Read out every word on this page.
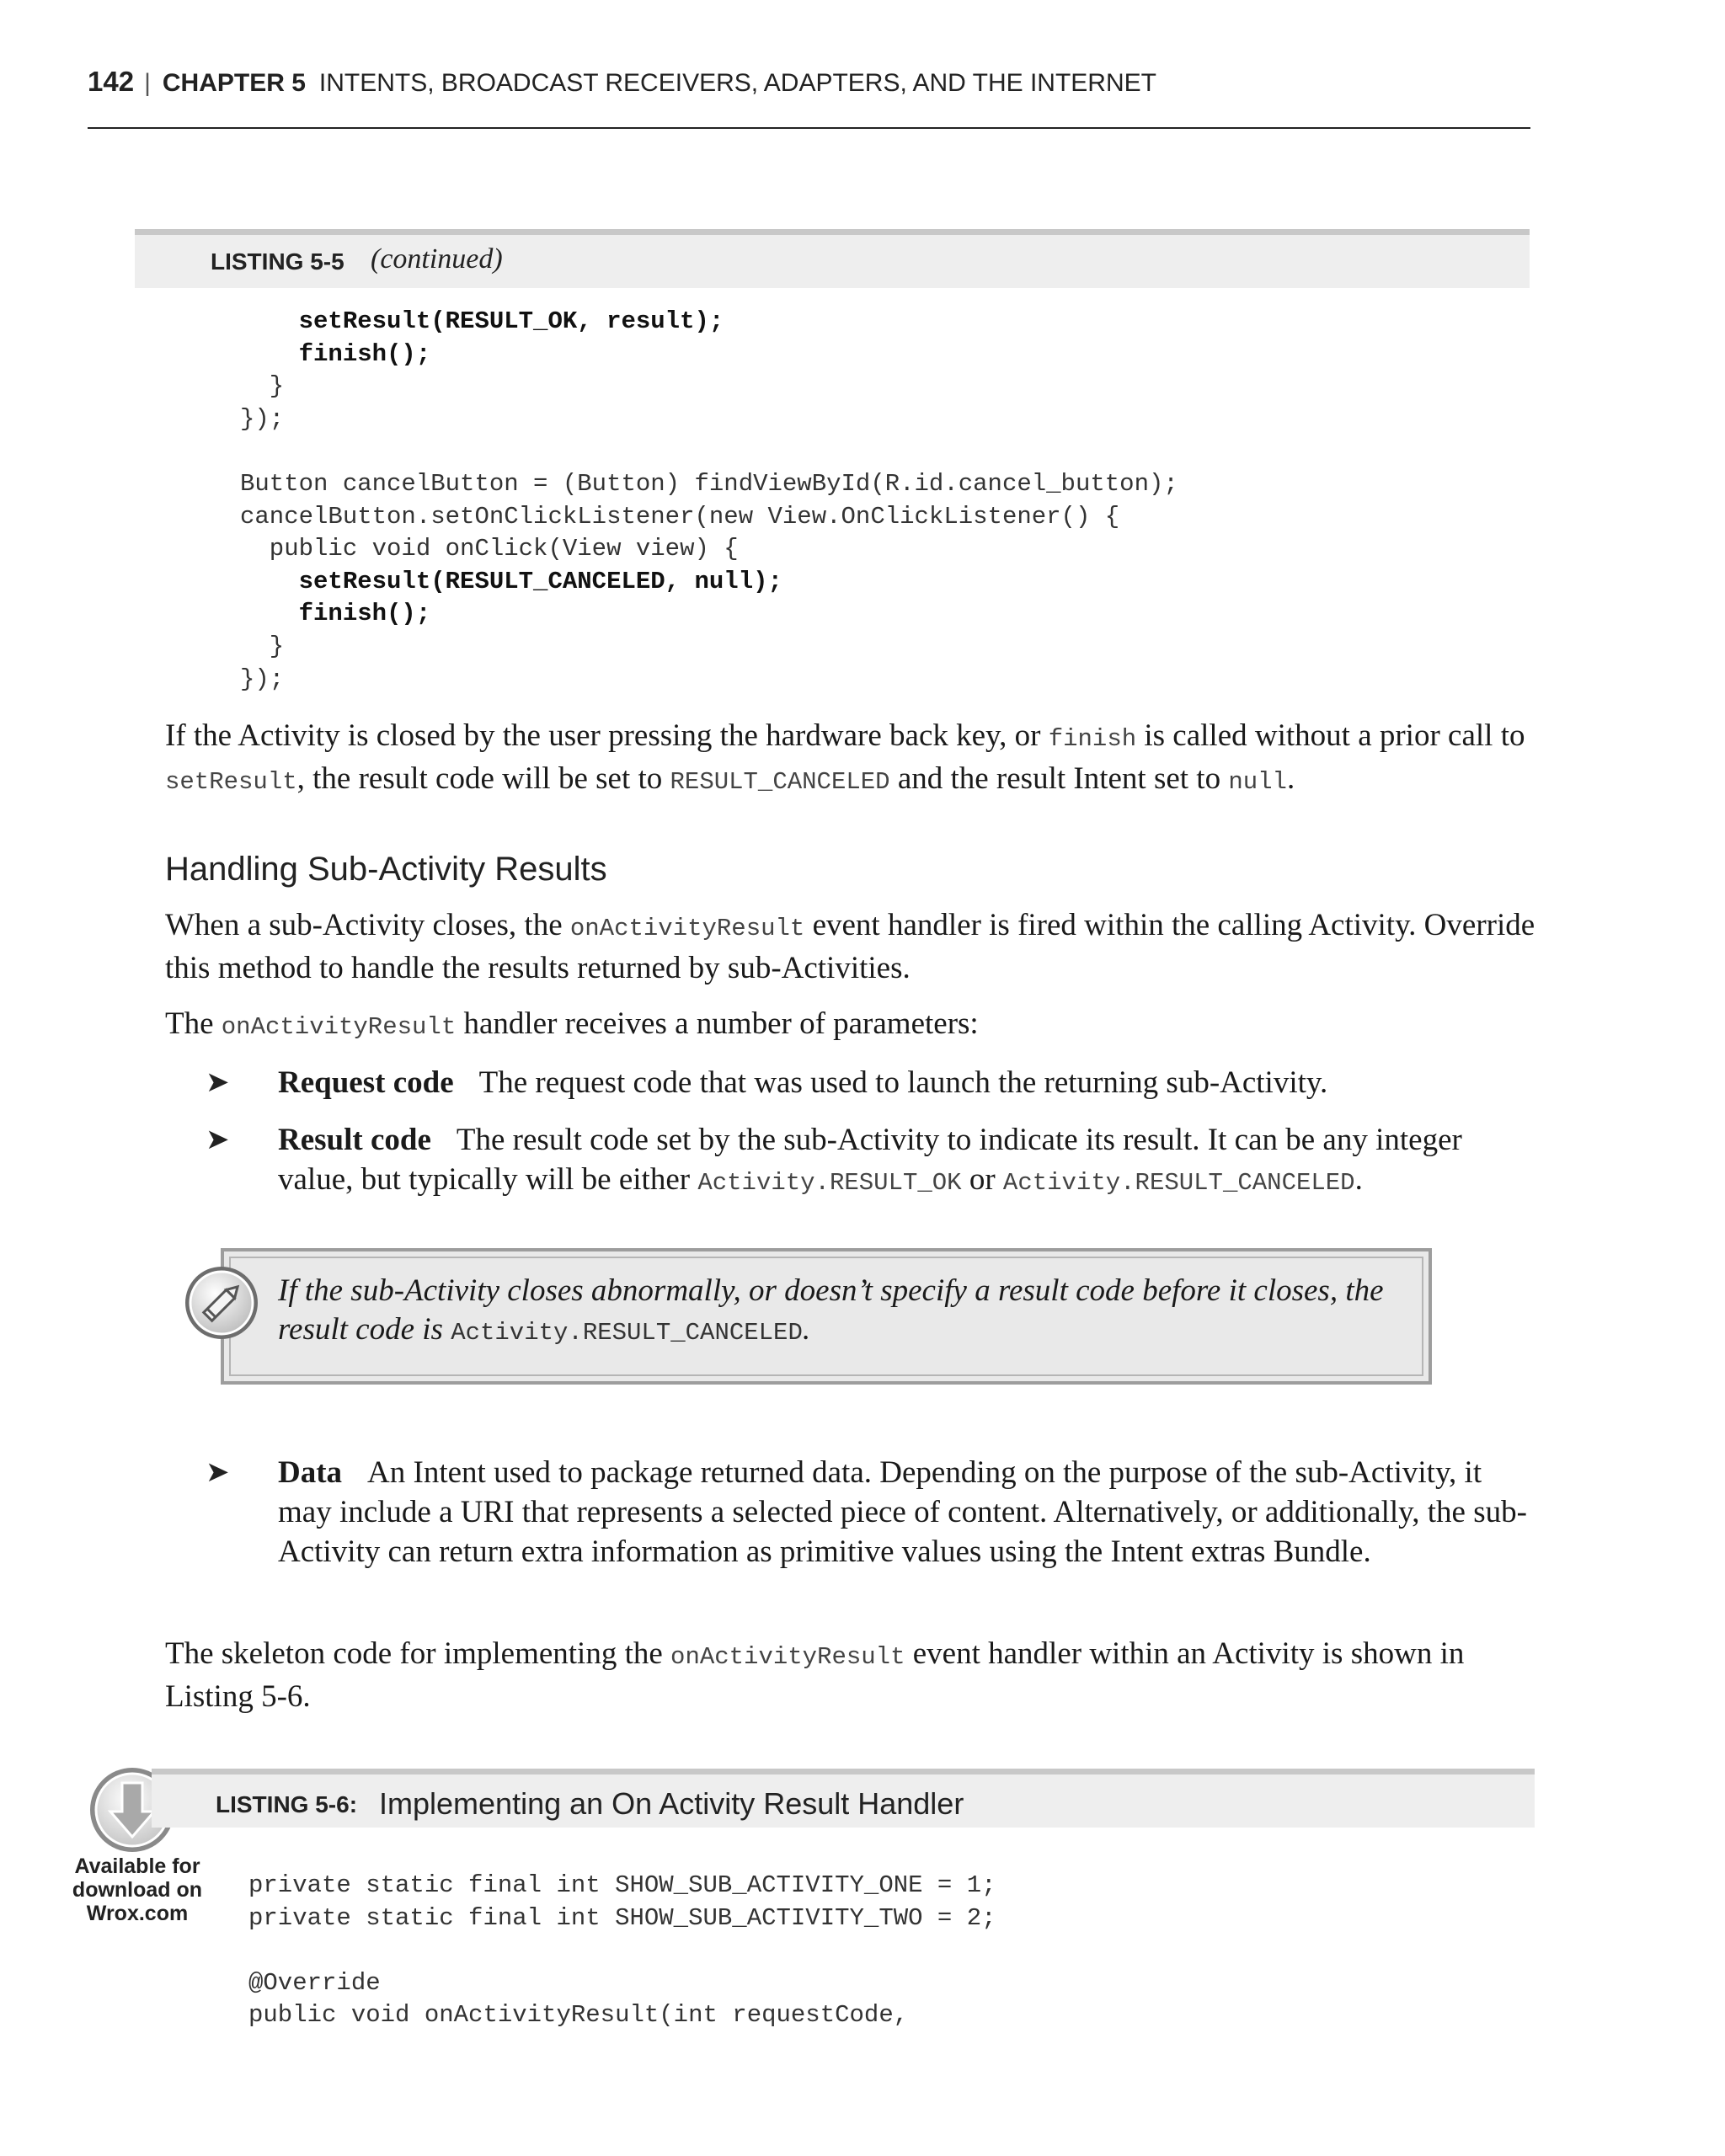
142 | CHAPTER 5 INTENTS, BROADCAST RECEIVERS, ADAPTERS, AND THE INTERNET
LISTING 5-5 (continued)
setResult(RESULT_OK, result);
finish();
}
});

Button cancelButton = (Button) findViewById(R.id.cancel_button);
cancelButton.setOnClickListener(new View.OnClickListener() {
public void onClick(View view) {
setResult(RESULT_CANCELED, null);
finish();
}
});
If the Activity is closed by the user pressing the hardware back key, or finish is called without a prior call to setResult, the result code will be set to RESULT_CANCELED and the result Intent set to null.
Handling Sub-Activity Results
When a sub-Activity closes, the onActivityResult event handler is fired within the calling Activity. Override this method to handle the results returned by sub-Activities.
The onActivityResult handler receives a number of parameters:
➤ Request code The request code that was used to launch the returning sub-Activity.
➤ Result code The result code set by the sub-Activity to indicate its result. It can be any integer value, but typically will be either Activity.RESULT_OK or Activity.RESULT_CANCELED.
If the sub-Activity closes abnormally, or doesn’t specify a result code before it closes, the result code is Activity.RESULT_CANCELED.
➤ Data An Intent used to package returned data. Depending on the purpose of the sub-Activity, it may include a URI that represents a selected piece of content. Alternatively, or additionally, the sub-Activity can return extra information as primitive values using the Intent extras Bundle.
The skeleton code for implementing the onActivityResult event handler within an Activity is shown in Listing 5-6.
Available for
download on
Wrox.com
LISTING 5-6: Implementing an On Activity Result Handler
private static final int SHOW_SUB_ACTIVITY_ONE = 1;
private static final int SHOW_SUB_ACTIVITY_TWO = 2;

@Override
public void onActivityResult(int requestCode,
